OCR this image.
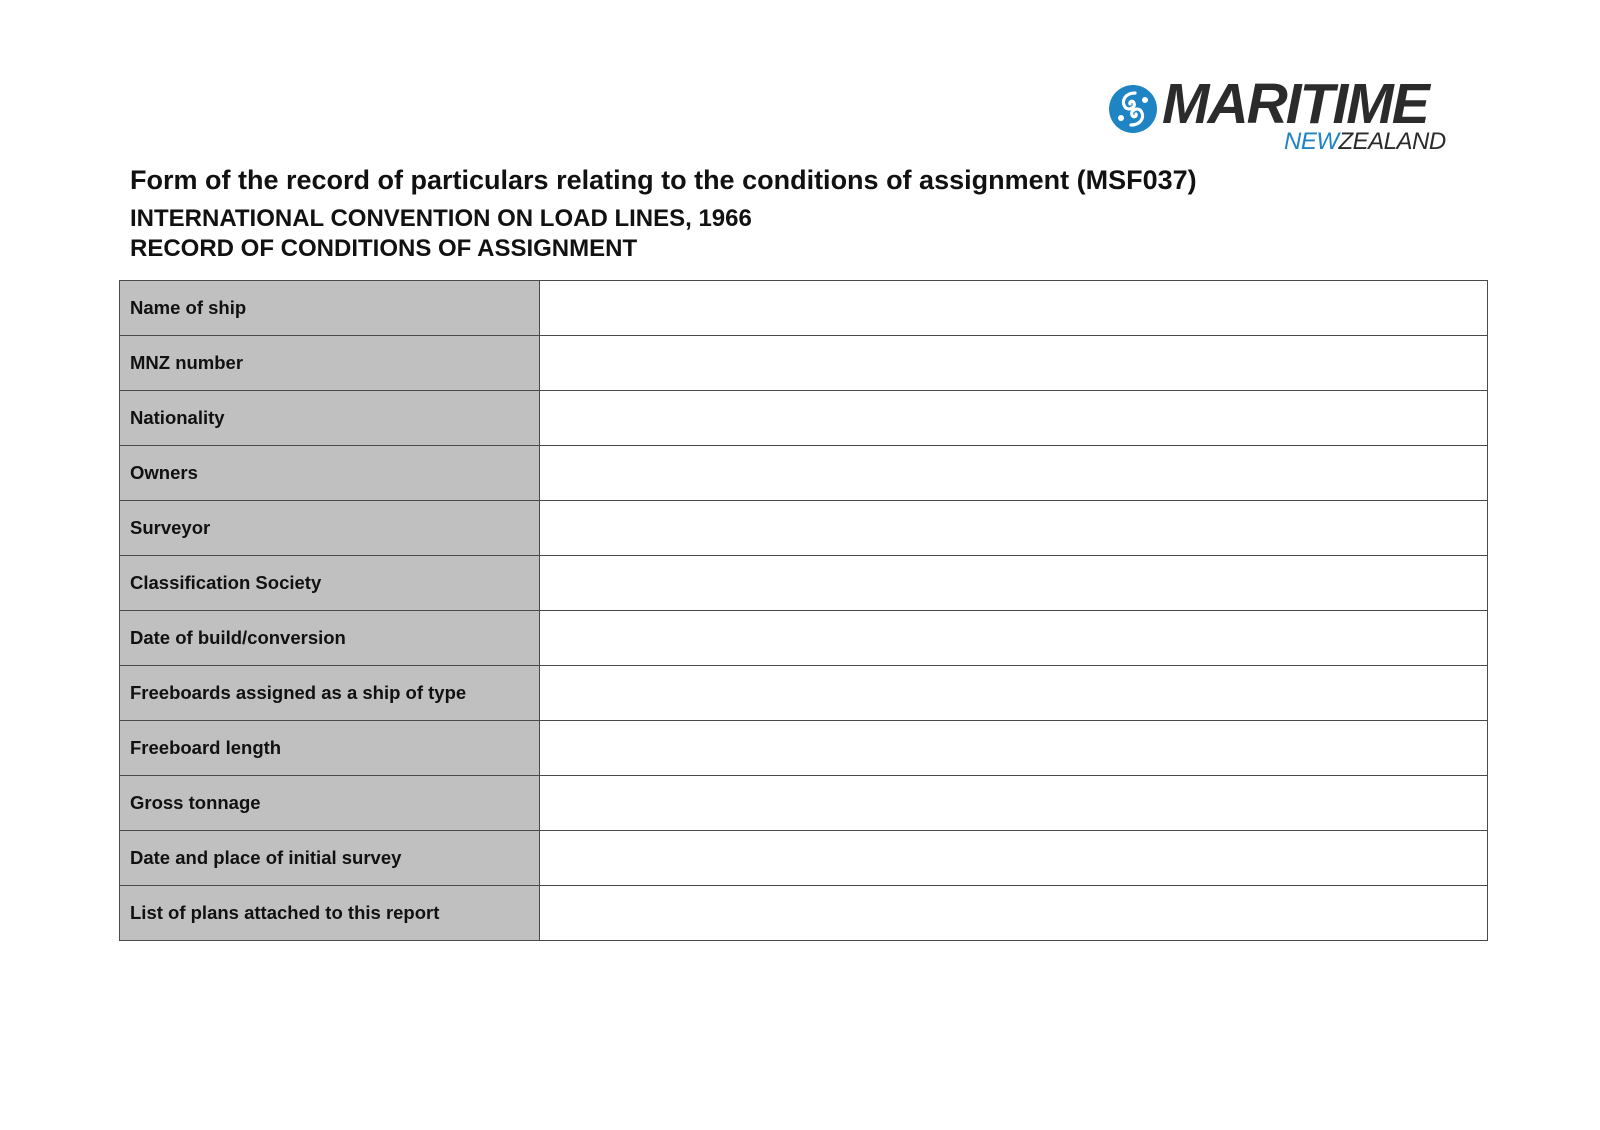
MARITIME
NEWZEALAND
Form of the record of particulars relating to the conditions of assignment (MSF037)
INTERNATIONAL CONVENTION ON LOAD LINES, 1966
RECORD OF CONDITIONS OF ASSIGNMENT
Name of ship	
MNZ number	
Nationality	
Owners	
Surveyor	
Classification Society	
Date of build/conversion	
Freeboards assigned as a ship of type	
Freeboard length	
Gross tonnage	
Date and place of initial survey	
List of plans attached to this report	
